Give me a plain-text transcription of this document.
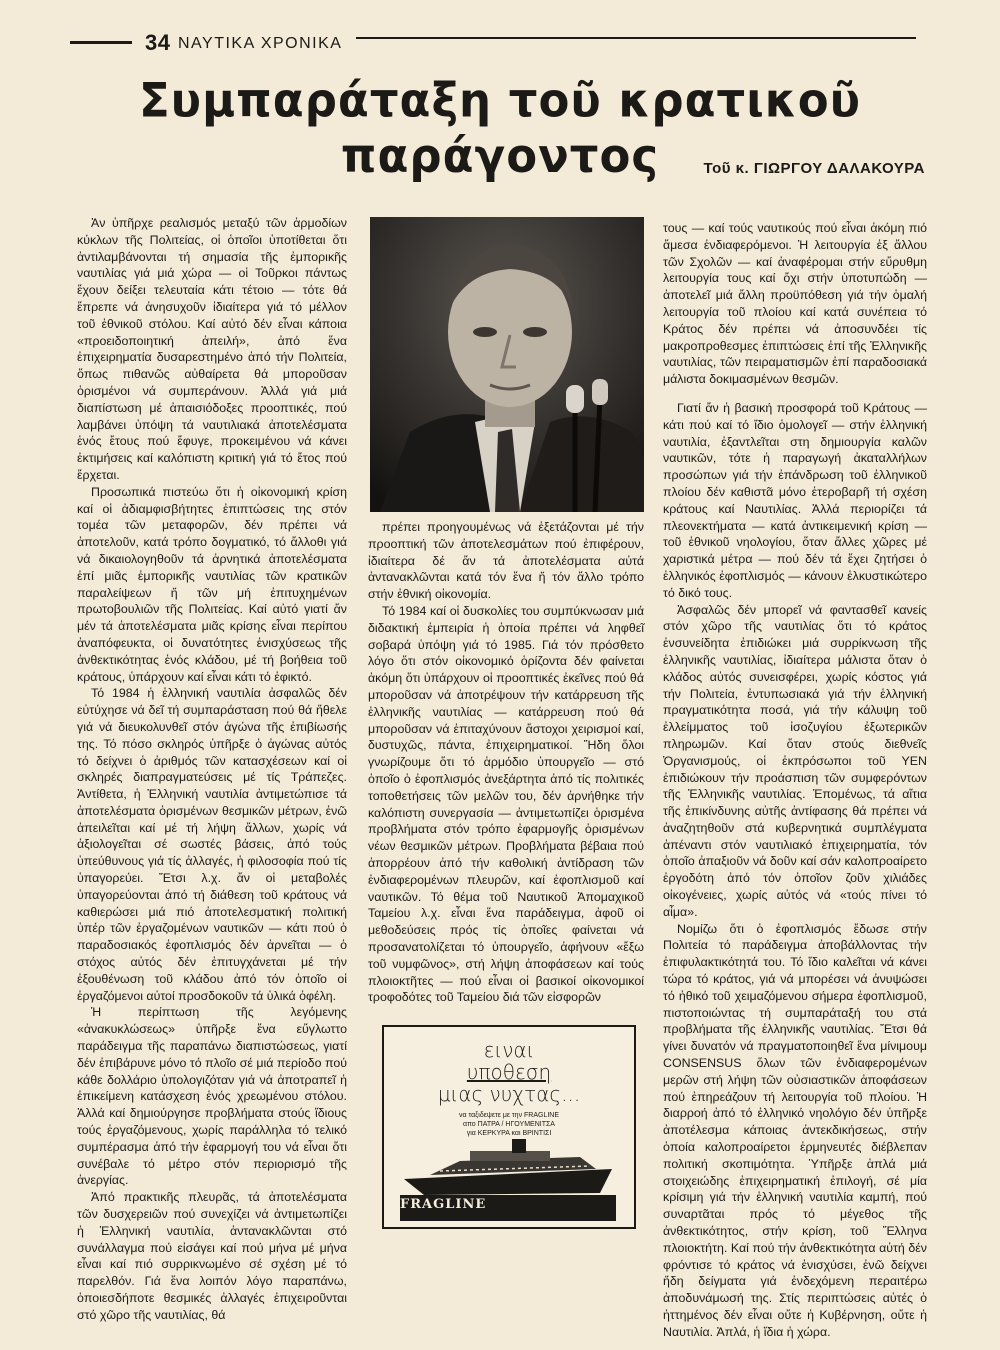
34 ΝΑΥΤΙΚΑ ΧΡΟΝΙΚΑ
Συμπαράταξη τοῦ κρατικοῦ παράγοντος	Τοῦ κ. ΓΙΩΡΓΟΥ ΔΑΛΑΚΟΥΡΑ

Ἀν ὑπῆρχε ρεαλισμός μεταξύ τῶν ἁρμοδίων κύκλων τῆς Πολιτείας, οἱ ὁποῖοι ὑποτίθεται ὅτι ἀντιλαμβάνονται τή σημασία τῆς ἐμπορικῆς ναυτιλίας γιά μιά χώρα — οἱ Τοῦρκοι πάντως ἔχουν δείξει τελευταία κάτι τέτοιο — τότε θά ἔπρεπε νά ἀνησυχοῦν ἰδιαίτερα γιά τό μέλλον τοῦ ἐθνικοῦ στόλου. Καί αὐτό δέν εἶναι κάποια «προειδοποιητική ἀπειλή», ἀπό ἕνα ἐπιχειρηματία δυσαρεστημένο ἀπό τήν Πολιτεία, ὅπως πιθανῶς αὐθαίρετα θά μποροῦσαν ὁρισμένοι νά συμπεράνουν. Ἀλλά γιά μιά διαπίστωση μέ ἀπαισιόδοξες προοπτικές, πού λαμβάνει ὑπόψη τά ναυτιλιακά ἀποτελέσματα ἑνός ἔτους πού ἔφυγε, προκειμένου νά κάνει ἐκτιμήσεις καί καλόπιστη κριτική γιά τό ἔτος πού ἔρχεται.

Προσωπικά πιστεύω ὅτι ἡ οἰκονομική κρίση καί οἱ ἀδιαμφισβήτητες ἐπιπτώσεις της στόν τομέα τῶν μεταφορῶν, δέν πρέπει νά ἀποτελοῦν, κατά τρόπο δογματικό, τό ἄλλοθι γιά νά δικαιολογηθοῦν τά ἀρνητικά ἀποτελέσματα ἐπί μιᾶς ἐμπορικῆς ναυτιλίας τῶν κρατικῶν παραλείψεων ἤ τῶν μή ἐπιτυχημένων πρωτοβουλιῶν τῆς Πολιτείας. Καί αὐτό γιατί ἄν μέν τά ἀποτελέσματα μιᾶς κρίσης εἶναι περίπου ἀναπόφευκτα, οἱ δυνατότητες ἐνισχύσεως τῆς ἀνθεκτικότητας ἑνός κλάδου, μέ τή βοήθεια τοῦ κράτους, ὑπάρχουν καί εἶναι κάτι τό ἐφικτό.

Τό 1984 ἡ ἑλληνική ναυτιλία ἀσφαλῶς δέν εὐτύχησε νά δεῖ τή συμπαράσταση πού θά ἤθελε γιά νά διευκολυνθεῖ στόν ἀγώνα τῆς ἐπιβίωσής της. Τό πόσο σκληρός ὑπῆρξε ὁ ἀγώνας αὐτός τό δείχνει ὁ ἀριθμός τῶν κατασχέσεων καί οἱ σκληρές διαπραγματεύσεις μέ τίς Τράπεζες. Ἀντίθετα, ἡ Ἑλληνική ναυτιλία ἀντιμετώπισε τά ἀποτελέσματα ὁρισμένων θεσμικῶν μέτρων, ἐνῶ ἀπειλεῖται καί μέ τή λήψη ἄλλων, χωρίς νά ἀξιολογεῖται σέ σωστές βάσεις, ἀπό τούς ὑπεύθυνους γιά τίς ἀλλαγές, ἡ φιλοσοφία πού τίς ὑπαγορεύει. Ἔτσι λ.χ. ἄν οἱ μεταβολές ὑπαγορεύονται ἀπό τή διάθεση τοῦ κράτους νά καθιερώσει μιά πιό ἀποτελεσματική πολιτική ὑπέρ τῶν ἐργαζομένων ναυτικῶν — κάτι πού ὁ παραδοσιακός ἐφοπλισμός δέν ἀρνεῖται — ὁ στόχος αὐτός δέν ἐπιτυγχάνεται μέ τήν ἐξουθένωση τοῦ κλάδου ἀπό τόν ὁποῖο οἱ ἐργαζόμενοι αὐτοί προσδοκοῦν τά ὑλικά ὀφέλη.

Ἡ περίπτωση τῆς λεγόμενης «ἀνακυκλώσεως» ὑπῆρξε ἕνα εὔγλωττο παράδειγμα τῆς παραπάνω διαπιστώσεως, γιατί δέν ἐπιβάρυνε μόνο τό πλοῖο σέ μιά περίοδο πού κάθε δολλάριο ὑπολογιζόταν γιά νά ἀποτραπεῖ ἡ ἐπικείμενη κατάσχεση ἑνός χρεωμένου στόλου. Ἀλλά καί δημιούργησε προβλήματα στούς ἴδιους τούς ἐργαζόμενους, χωρίς παράλληλα τό τελικό συμπέρασμα ἀπό τήν ἐφαρμογή του νά εἶναι ὅτι συνέβαλε τό μέτρο στόν περιορισμό τῆς ἀνεργίας.

Ἀπό πρακτικῆς πλευρᾶς, τά ἀποτελέσματα τῶν δυσχερειῶν πού συνεχίζει νά ἀντιμετωπίζει ἡ Ἑλληνική ναυτιλία, ἀντανακλῶνται στό συνάλλαγμα πού εἰσάγει καί πού μήνα μέ μήνα εἶναι καί πιό συρρικνωμένο σέ σχέση μέ τό παρελθόν. Γιά ἕνα λοιπόν λόγο παραπάνω, ὁποιεσδήποτε θεσμικές ἀλλαγές ἐπιχειροῦνται στό χῶρο τῆς ναυτιλίας, θά

πρέπει προηγουμένως νά ἐξετάζονται μέ τήν προοπτική τῶν ἀποτελεσμάτων πού ἐπιφέρουν, ἰδιαίτερα δέ ἄν τά ἀποτελέσματα αὐτά ἀντανακλῶνται κατά τόν ἕνα ἤ τόν ἄλλο τρόπο στήν ἐθνική οἰκονομία.

Τό 1984 καί οἱ δυσκολίες του συμπύκνωσαν μιά διδακτική ἐμπειρία ἡ ὁποία πρέπει νά ληφθεῖ σοβαρά ὑπόψη γιά τό 1985. Γιά τόν πρόσθετο λόγο ὅτι στόν οἰκονομικό ὁρίζοντα δέν φαίνεται ἀκόμη ὅτι ὑπάρχουν οἱ προοπτικές ἐκεῖνες πού θά μποροῦσαν νά ἀποτρέψουν τήν κατάρρευση τῆς ἑλληνικῆς ναυτιλίας — κατάρρευση πού θά μποροῦσαν νά ἐπιταχύνουν ἄστοχοι χειρισμοί καί, δυστυχῶς, πάντα, ἐπιχειρηματικοί. Ἤδη ὅλοι γνωρίζουμε ὅτι τό ἁρμόδιο ὑπουργεῖο — στό ὁποῖο ὁ ἐφοπλισμός ἀνεξάρτητα ἀπό τίς πολιτικές τοποθετήσεις τῶν μελῶν του, δέν ἀρνήθηκε τήν καλόπιστη συνεργασία — ἀντιμετωπίζει ὁρισμένα προβλήματα στόν τρόπο ἐφαρμογῆς ὁρισμένων νέων θεσμικῶν μέτρων. Προβλήματα βέβαια πού ἀπορρέουν ἀπό τήν καθολική ἀντίδραση τῶν ἐνδιαφερομένων πλευρῶν, καί ἐφοπλισμοῦ καί ναυτικῶν. Τό θέμα τοῦ Ναυτικοῦ Ἀπομαχικοῦ Ταμείου λ.χ. εἶναι ἕνα παράδειγμα, ἀφοῦ οἱ μεθοδεύσεις πρός τίς ὁποῖες φαίνεται νά προσανατολίζεται τό ὑπουργεῖο, ἀφήνουν «ἔξω τοῦ νυμφῶνος», στή λήψη ἀποφάσεων καί τούς πλοιοκτῆτες — πού εἶναι οἱ βασικοί οἰκονομικοί τροφοδότες τοῦ Ταμείου διά τῶν εἰσφορῶν

ειναι
υποθεση
μιας νυχτας...
να ταξιδεψετε με την FRAGLINE
απο ΠΑΤΡΑ / ΗΓΟΥΜΕΝΙΤΣΑ
για ΚΕΡΚΥΡΑ και ΒΡΙΝΤΙΣΙ
FRAGLINE

τους — καί τούς ναυτικούς πού εἶναι ἀκόμη πιό ἄμεσα ἐνδιαφερόμενοι. Ἡ λειτουργία ἐξ ἄλλου τῶν Σχολῶν — καί ἀναφέρομαι στήν εὔρυθμη λειτουργία τους καί ὄχι στήν ὑποτυπώδη — ἀποτελεῖ μιά ἄλλη προϋπόθεση γιά τήν ὁμαλή λειτουργία τοῦ πλοίου καί κατά συνέπεια τό Κράτος δέν πρέπει νά ἀποσυνδέει τίς μακροπροθεσμες ἐπιπτώσεις ἐπί τῆς Ἑλληνικῆς ναυτιλίας, τῶν πειραματισμῶν ἐπί παραδοσιακά μάλιστα δοκιμασμένων θεσμῶν.

Γιατί ἄν ἡ βασική προσφορά τοῦ Κράτους — κάτι πού καί τό ἴδιο ὁμολογεῖ — στήν ἑλληνική ναυτιλία, ἐξαντλεῖται στη δημιουργία καλῶν ναυτικῶν, τότε ἡ παραγωγή ἀκαταλλήλων προσώπων γιά τήν ἐπάνδρωση τοῦ ἑλληνικοῦ πλοίου δέν καθιστᾶ μόνο ἑτεροβαρῆ τή σχέση κράτους καί Ναυτιλίας. Ἀλλά περιορίζει τά πλεονεκτήματα — κατά ἀντικειμενική κρίση — τοῦ ἐθνικοῦ νηολογίου, ὅταν ἄλλες χῶρες μέ χαριστικά μέτρα — πού δέν τά ἔχει ζητήσει ὁ ἑλληνικός ἐφοπλισμός — κάνουν ἑλκυστικώτερο τό δικό τους.

Ἀσφαλῶς δέν μπορεῖ νά φαντασθεῖ κανείς στόν χῶρο τῆς ναυτιλίας ὅτι τό κράτος ἐνσυνείδητα ἐπιδιώκει μιά συρρίκνωση τῆς ἑλληνικῆς ναυτιλίας, ἰδιαίτερα μάλιστα ὅταν ὁ κλάδος αὐτός συνεισφέρει, χωρίς κόστος γιά τήν Πολιτεία, ἐντυπωσιακά γιά τήν ἑλληνική πραγματικότητα ποσά, γιά τήν κάλυψη τοῦ ἐλλείμματος τοῦ ἰσοζυγίου ἐξωτερικῶν πληρωμῶν. Καί ὅταν στούς διεθνεῖς Ὀργανισμούς, οἱ ἐκπρόσωποι τοῦ ΥΕΝ ἐπιδιώκουν τήν προάσπιση τῶν συμφερόντων τῆς Ἑλληνικῆς ναυτιλίας. Ἐπομένως, τά αἴτια τῆς ἐπικίνδυνης αὐτῆς ἀντίφασης θά πρέπει νά ἀναζητηθοῦν στά κυβερνητικά συμπλέγματα ἀπέναντι στόν ναυτιλιακό ἐπιχειρηματία, τόν ὁποῖο ἀπαξιοῦν νά δοῦν καί σάν καλοπροαίρετο ἐργοδότη ἀπό τόν ὁποῖον ζοῦν χιλιάδες οἰκογένειες, χωρίς αὐτός νά «τούς πίνει τό αἷμα».

Νομίζω ὅτι ὁ ἐφοπλισμός ἔδωσε στήν Πολιτεία τό παράδειγμα ἀποβάλλοντας τήν ἐπιφυλακτικότητά του. Τό ἴδιο καλεῖται νά κάνει τώρα τό κράτος, γιά νά μπορέσει νά ἀνυψώσει τό ἠθικό τοῦ χειμαζόμενου σήμερα ἐφοπλισμοῦ, πιστοποιώντας τή συμπαράταξή του στά προβλήματα τῆς ἑλληνικῆς ναυτιλίας. Ἔτσι θά γίνει δυνατόν νά πραγματοποιηθεῖ ἕνα μίνιμουμ CONSENSUS ὅλων τῶν ἐνδιαφερομένων μερῶν στή λήψη τῶν οὐσιαστικῶν ἀποφάσεων πού ἐπηρεάζουν τή λειτουργία τοῦ πλοίου. Ἡ διαρροή ἀπό τό ἑλληνικό νηολόγιο δέν ὑπῆρξε ἀποτέλεσμα κάποιας ἀντεκδικήσεως, στήν ὁποία καλοπροαίρετοι ἑρμηνευτές διέβλεπαν πολιτική σκοπιμότητα. Ὑπῆρξε ἁπλά μιά στοιχειώδης ἐπιχειρηματική ἐπιλογή, σέ μία κρίσιμη γιά τήν ἑλληνική ναυτιλία καμπή, πού συναρτᾶται πρός τό μέγεθος τῆς ἀνθεκτικότητος, στήν κρίση, τοῦ Ἕλληνα πλοιοκτήτη. Καί πού τήν ἀνθεκτικότητα αὐτή δέν φρόντισε τό κράτος νά ἐνισχύσει, ἐνῶ δείχνει ἤδη δείγματα γιά ἐνδεχόμενη περαιτέρω ἀποδυνάμωσή της. Στίς περιπτώσεις αὐτές ὁ ἡττημένος δέν εἶναι οὔτε ἡ Κυβέρνηση, οὔτε ἡ Ναυτιλία. Ἀπλά, ἡ ἴδια ἡ χώρα.
